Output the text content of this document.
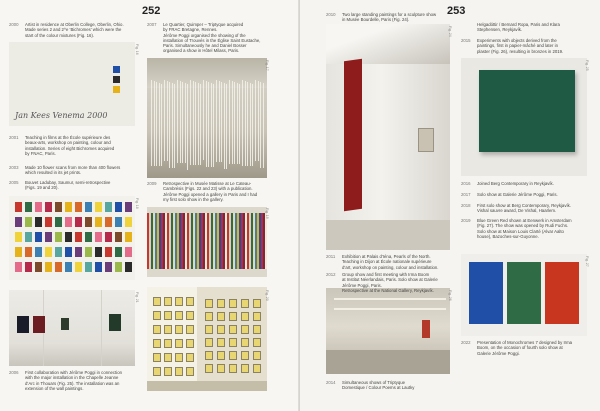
252
2000 Artist in residence at Oberlin College, Oberlin, Ohio.
Made series 2 and 2^e ‘Bichromes’ which were the
start of the colour mixtures (Fig. 16).
Jan Kees Venema 2000
Fig. 16
2001 Teaching in films at the École supérieure des
beaux-arts, workshop on painting, colour and
installation. Series of eight Bichromes acquired
by FNAC, Paris.
2003 Made 10 flower scans from more than 400 flowers
which resulted in its jet prints.
2005 Bouvet Ladubay, Saumur, semi-retrospective
(Figs. 19 and 20).
Fig. 18
2006 First collaboration with Jérôme Poggi in connection
with the major installation in the Chapelle Jeanne
d’Arc in Thouars (Fig. 25). The installation was an
extension of the wall paintings.
2007 Le Quartier, Quimper – Triptyque acquired
by FRAC Bretagne, Rennes.
Jérôme Poggi organised the showing of the
installation of Trouvés in the Église Saint Eustache,
Paris. Simultaneously he and Daniel Bosser
organised a show in Hôtel Milass, Paris.
Fig. 17
2009 Retrospective in Musée Matisse at Le Cateau-
Cambrésis (Figs. 22 and 23) with a publication.
Jérôme Poggi opened a gallery in Paris and I had
my first solo show in the gallery.
Fig. 19
Fig. 20
253
2010 Two large standing paintings for a sculpture show
in Musée Bourdelle, Paris (Fig. 24).
Fig. 24
2011 Exhibition at Palais d’Iéna, Pearls of the North.
Teaching in Dijon at École nationale supérieure
d’art, workshop on painting, colour and installation.
Fig. 26
2014 Simultaneous shows of Triptyque
Domestique / Colour Poems at Lautky
Helgadóttir / Bernard Ropa, Paris and Klara
Stephensen, Reykjavík.
2015 Experiments with objects derived from the
paintings, first in papier-mâché and later in
plaster (Fig. 26), resulting in bronzes in 2019.
Fig. 25
2016 Joined Berg Contemporary in Reykjavík.
2017 Solo show at Galerie Jérôme Poggi, Paris.
2018 First solo show at Berg Contemporary, Reykjavík.
Vishal sauvre award, De Vishal, Haarlem.
2019 Blue Green Red shown at Eenwerk in Amsterdam
(Fig. 27). The show was opened by Rudi Fuchs.
Solo show at Maison Louis Clarté (Alvar Aalto
house), Bazoches-sur-Guyonne.
Fig. 27
2022 Presentation of Monochromes 7 designed by Irma
Boom, on the occasion of fourth solo show at
Galerie Jérôme Poggi.
2012 Group show and first meeting with Irma Boom
at Institut Néerlandais, Paris. Solo show at Galerie
Jérôme Poggi, Paris.
Retrospective at the National Gallery, Reykjavík.
Fig. 21
